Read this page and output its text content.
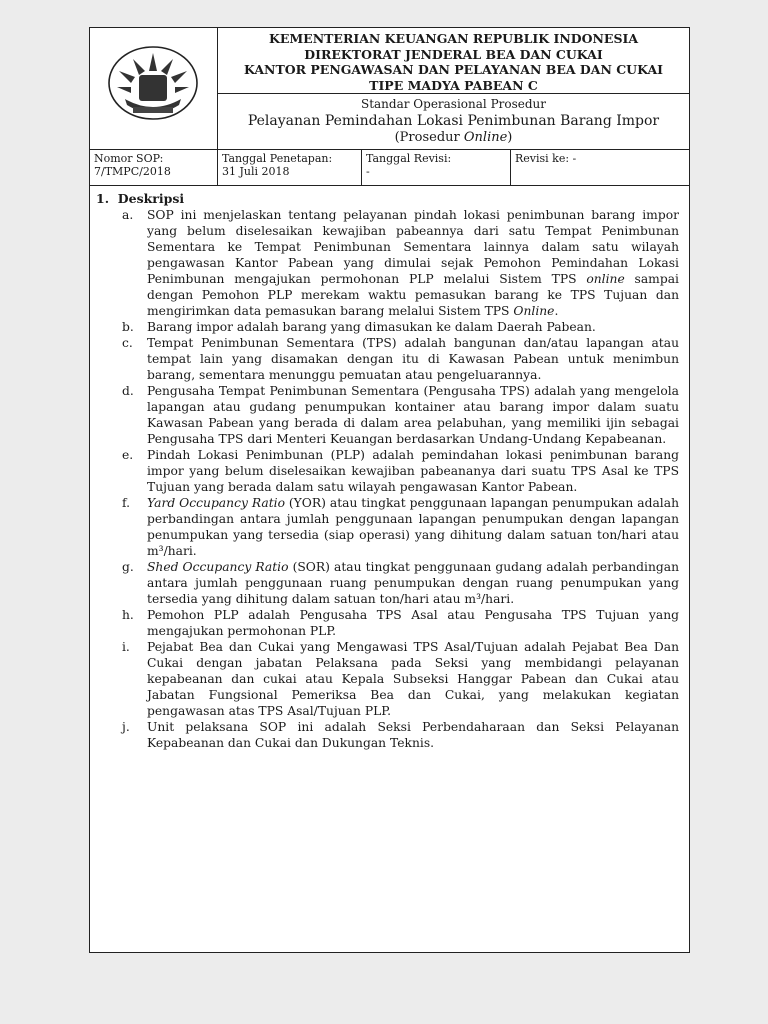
KEMENTERIAN KEUANGAN REPUBLIK INDONESIA
DIREKTORAT JENDERAL BEA DAN CUKAI
KANTOR PENGAWASAN DAN PELAYANAN BEA DAN CUKAI
TIPE MADYA PABEAN C
Standar Operasional Prosedur
Pelayanan Pemindahan Lokasi Penimbunan Barang Impor
(Prosedur Online)
Nomor SOP:
7/TMPC/2018
Tanggal Penetapan:
31 Juli 2018
Tanggal Revisi:
-
Revisi ke: -
1. Deskripsi
a. SOP ini menjelaskan tentang pelayanan pindah lokasi penimbunan barang impor yang belum diselesaikan kewajiban pabeannya dari satu Tempat Penimbunan Sementara ke Tempat Penimbunan Sementara lainnya dalam satu wilayah pengawasan Kantor Pabean yang dimulai sejak Pemohon Pemindahan Lokasi Penimbunan mengajukan permohonan PLP melalui Sistem TPS online sampai dengan Pemohon PLP merekam waktu pemasukan barang ke TPS Tujuan dan mengirimkan data pemasukan barang melalui Sistem TPS Online.
b. Barang impor adalah barang yang dimasukan ke dalam Daerah Pabean.
c. Tempat Penimbunan Sementara (TPS) adalah bangunan dan/atau lapangan atau tempat lain yang disamakan dengan itu di Kawasan Pabean untuk menimbun barang, sementara menunggu pemuatan atau pengeluarannya.
d. Pengusaha Tempat Penimbunan Sementara (Pengusaha TPS) adalah yang mengelola lapangan atau gudang penumpukan kontainer atau barang impor dalam suatu Kawasan Pabean yang berada di dalam area pelabuhan, yang memiliki ijin sebagai Pengusaha TPS dari Menteri Keuangan berdasarkan Undang-Undang Kepabeanan.
e. Pindah Lokasi Penimbunan (PLP) adalah pemindahan lokasi penimbunan barang impor yang belum diselesaikan kewajiban pabeananya dari suatu TPS Asal ke TPS Tujuan yang berada dalam satu wilayah pengawasan Kantor Pabean.
f. Yard Occupancy Ratio (YOR) atau tingkat penggunaan lapangan penumpukan adalah perbandingan antara jumlah penggunaan lapangan penumpukan dengan lapangan penumpukan yang tersedia (siap operasi) yang dihitung dalam satuan ton/hari atau m³/hari.
g. Shed Occupancy Ratio (SOR) atau tingkat penggunaan gudang adalah perbandingan antara jumlah penggunaan ruang penumpukan dengan ruang penumpukan yang tersedia yang dihitung dalam satuan ton/hari atau m³/hari.
h. Pemohon PLP adalah Pengusaha TPS Asal atau Pengusaha TPS Tujuan yang mengajukan permohonan PLP.
i. Pejabat Bea dan Cukai yang Mengawasi TPS Asal/Tujuan adalah Pejabat Bea Dan Cukai dengan jabatan Pelaksana pada Seksi yang membidangi pelayanan kepabeanan dan cukai atau Kepala Subseksi Hanggar Pabean dan Cukai atau Jabatan Fungsional Pemeriksa Bea dan Cukai, yang melakukan kegiatan pengawasan atas TPS Asal/Tujuan PLP.
j. Unit pelaksana SOP ini adalah Seksi Perbendaharaan dan Seksi Pelayanan Kepabeanan dan Cukai dan Dukungan Teknis.
